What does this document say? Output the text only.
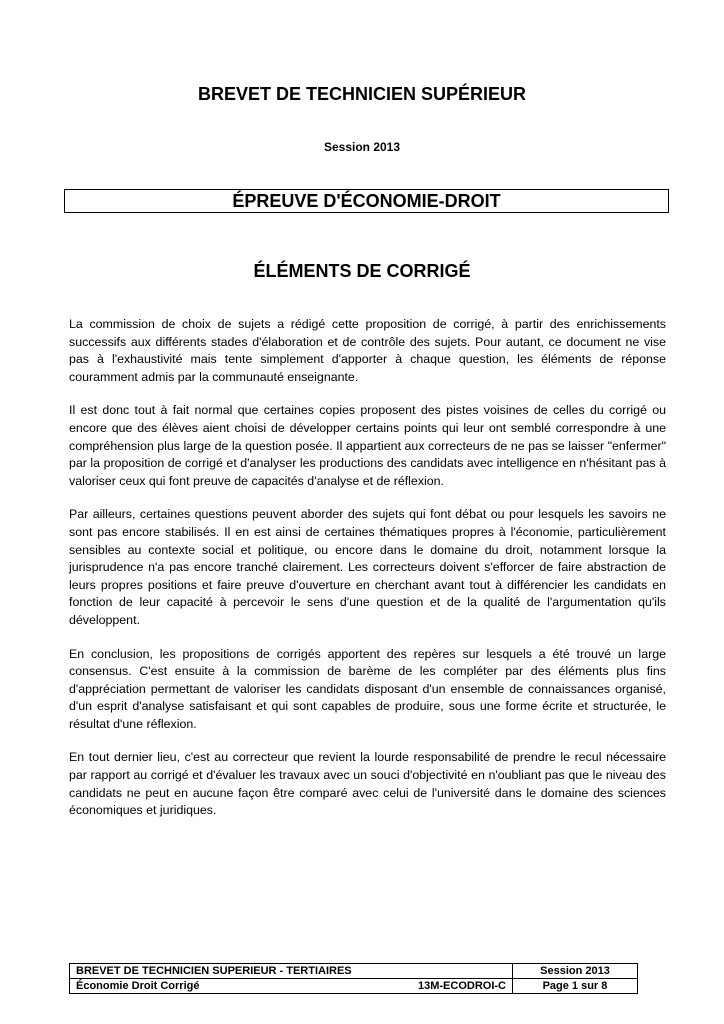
BREVET DE TECHNICIEN SUPÉRIEUR
Session 2013
ÉPREUVE D'ÉCONOMIE-DROIT
ÉLÉMENTS DE CORRIGÉ

La commission de choix de sujets a rédigé cette proposition de corrigé, à partir des enrichissements successifs aux différents stades d'élaboration et de contrôle des sujets. Pour autant, ce document ne vise pas à l'exhaustivité mais tente simplement d'apporter à chaque question, les éléments de réponse couramment admis par la communauté enseignante.

Il est donc tout à fait normal que certaines copies proposent des pistes voisines de celles du corrigé ou encore que des élèves aient choisi de développer certains points qui leur ont semblé correspondre à une compréhension plus large de la question posée. Il appartient aux correcteurs de ne pas se laisser "enfermer" par la proposition de corrigé et d'analyser les productions des candidats avec intelligence en n'hésitant pas à valoriser ceux qui font preuve de capacités d'analyse et de réflexion.

Par ailleurs, certaines questions peuvent aborder des sujets qui font débat ou pour lesquels les savoirs ne sont pas encore stabilisés. Il en est ainsi de certaines thématiques propres à l'économie, particulièrement sensibles au contexte social et politique, ou encore dans le domaine du droit, notamment lorsque la jurisprudence n'a pas encore tranché clairement. Les correcteurs doivent s'efforcer de faire abstraction de leurs propres positions et faire preuve d'ouverture en cherchant avant tout à différencier les candidats en fonction de leur capacité à percevoir le sens d'une question et de la qualité de l'argumentation qu'ils développent.

En conclusion, les propositions de corrigés apportent des repères sur lesquels a été trouvé un large consensus. C'est ensuite à la commission de barème de les compléter par des éléments plus fins d'appréciation permettant de valoriser les candidats disposant d'un ensemble de connaissances organisé, d'un esprit d'analyse satisfaisant et qui sont capables de produire, sous une forme écrite et structurée, le résultat d'une réflexion.

En tout dernier lieu, c'est au correcteur que revient la lourde responsabilité de prendre le recul nécessaire par rapport au corrigé et d'évaluer les travaux avec un souci d'objectivité en n'oubliant pas que le niveau des candidats ne peut en aucune façon être comparé avec celui de l'université dans le domaine des sciences économiques et juridiques.

BREVET DE TECHNICIEN SUPERIEUR - TERTIAIRES		Session 2013
Économie Droit Corrigé	13M-ECODROI-C	Page 1 sur 8
